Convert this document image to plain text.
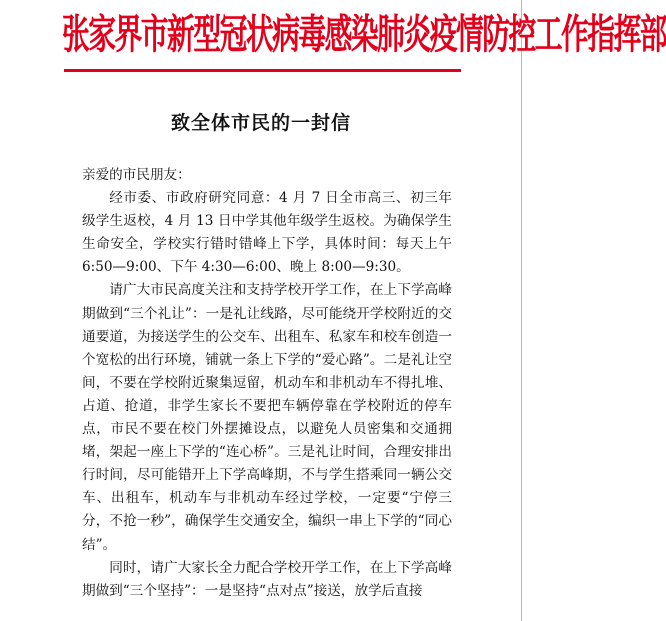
张家界市新型冠状病毒感染肺炎疫情防控工作指挥部
致全体市民的一封信

亲爱的市民朋友：

经市委、市政府研究同意：4 月 7 日全市高三、初三年级学生返校，4 月 13 日中学其他年级学生返校。为确保学生生命安全，学校实行错时错峰上下学，具体时间：每天上午 6:50—9:00、下午 4:30—6:00、晚上 8:00—9:30。

请广大市民高度关注和支持学校开学工作，在上下学高峰期做到“三个礼让”：一是礼让线路，尽可能绕开学校附近的交通要道，为接送学生的公交车、出租车、私家车和校车创造一个宽松的出行环境，铺就一条上下学的“爱心路”。二是礼让空间，不要在学校附近聚集逗留，机动车和非机动车不得扎堆、占道、抢道，非学生家长不要把车辆停靠在学校附近的停车点，市民不要在校门外摆摊设点，以避免人员密集和交通拥堵，架起一座上下学的“连心桥”。三是礼让时间，合理安排出行时间，尽可能错开上下学高峰期，不与学生搭乘同一辆公交车、出租车，机动车与非机动车经过学校，一定要“宁停三分，不抢一秒”，确保学生交通安全，编织一串上下学的“同心结”。

同时，请广大家长全力配合学校开学工作，在上下学高峰期做到“三个坚持”：一是坚持“点对点”接送，放学后直接
